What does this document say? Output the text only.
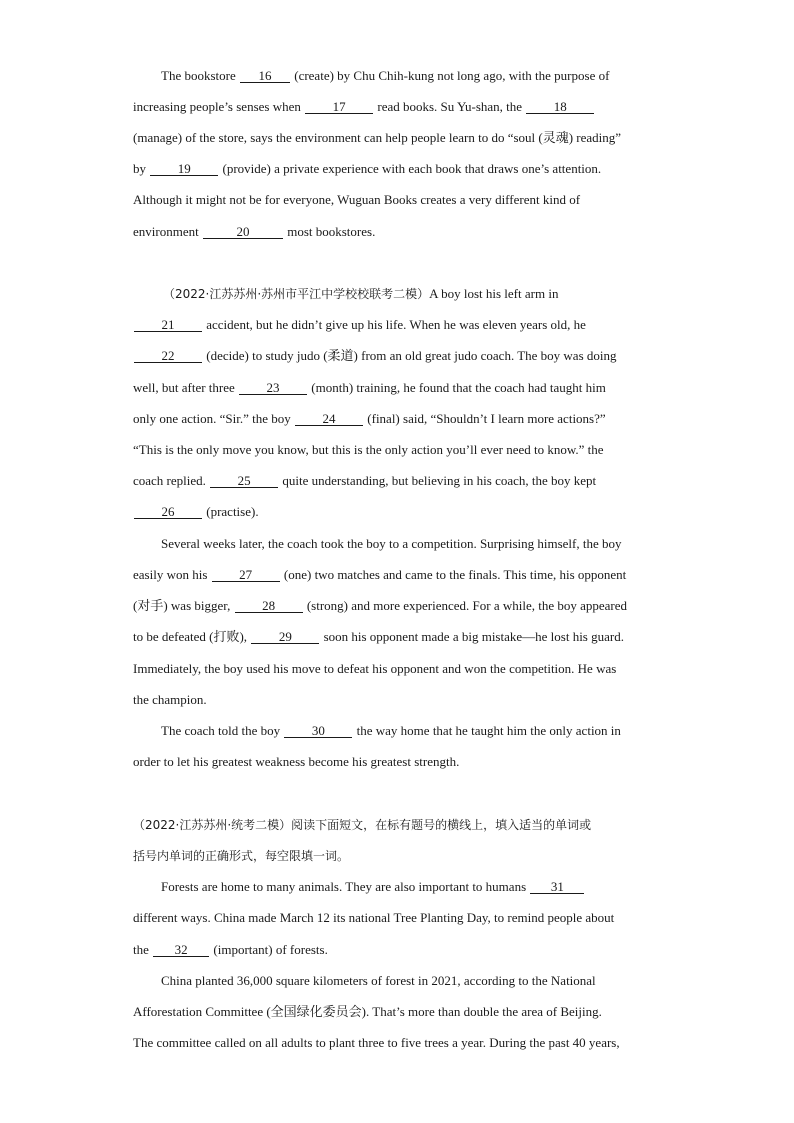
The bookstore 16 (create) by Chu Chih-kung not long ago, with the purpose of
increasing people’s senses when 17 read books. Su Yu-shan, the 18
(manage) of the store, says the environment can help people learn to do “soul (灵魂) reading”
by 19 (provide) a private experience with each book that draws one’s attention.
Although it might not be for everyone, Wuguan Books creates a very different kind of
environment	20	most bookstores.
（2022·江苏苏州·苏州市平江中学校校联考二模）A boy lost his left arm in
21 accident, but he didn’t give up his life. When he was eleven years old, he
22 (decide) to study judo (柔道) from an old great judo coach. The boy was doing
well, but after three 23 (month) training, he found that the coach had taught him
only one action. “Sir.” the boy 24 (final) said, “Shouldn’t I learn more actions?”
“This is the only move you know, but this is the only action you’ll ever need to know.” the
coach replied. 25 quite understanding, but believing in his coach, the boy kept
26 (practise).
Several weeks later, the coach took the boy to a competition. Surprising himself, the boy
easily won his 27 (one) two matches and came to the finals. This time, his opponent
(对手) was bigger, 28 (strong) and more experienced. For a while, the boy appeared
to be defeated (打败), 29 soon his opponent made a big mistake—he lost his guard.
Immediately, the boy used his move to defeat his opponent and won the competition. He was
the champion.
The coach told the boy 30 the way home that he taught him the only action in
order to let his greatest weakness become his greatest strength.
（2022·江苏苏州·统考二模）阅读下面短文，在标有题号的横线上，填入适当的单词或
括号内单词的正确形式，每空限填一词。
Forests are home to many animals. They are also important to humans 31
different ways. China made March 12 its national Tree Planting Day, to remind people about
the 32 (important) of forests.
China planted 36,000 square kilometers of forest in 2021, according to the National
Afforestation Committee (全国绿化委员会). That’s more than double the area of Beijing.
The committee called on all adults to plant three to five trees a year. During the past 40 years,
